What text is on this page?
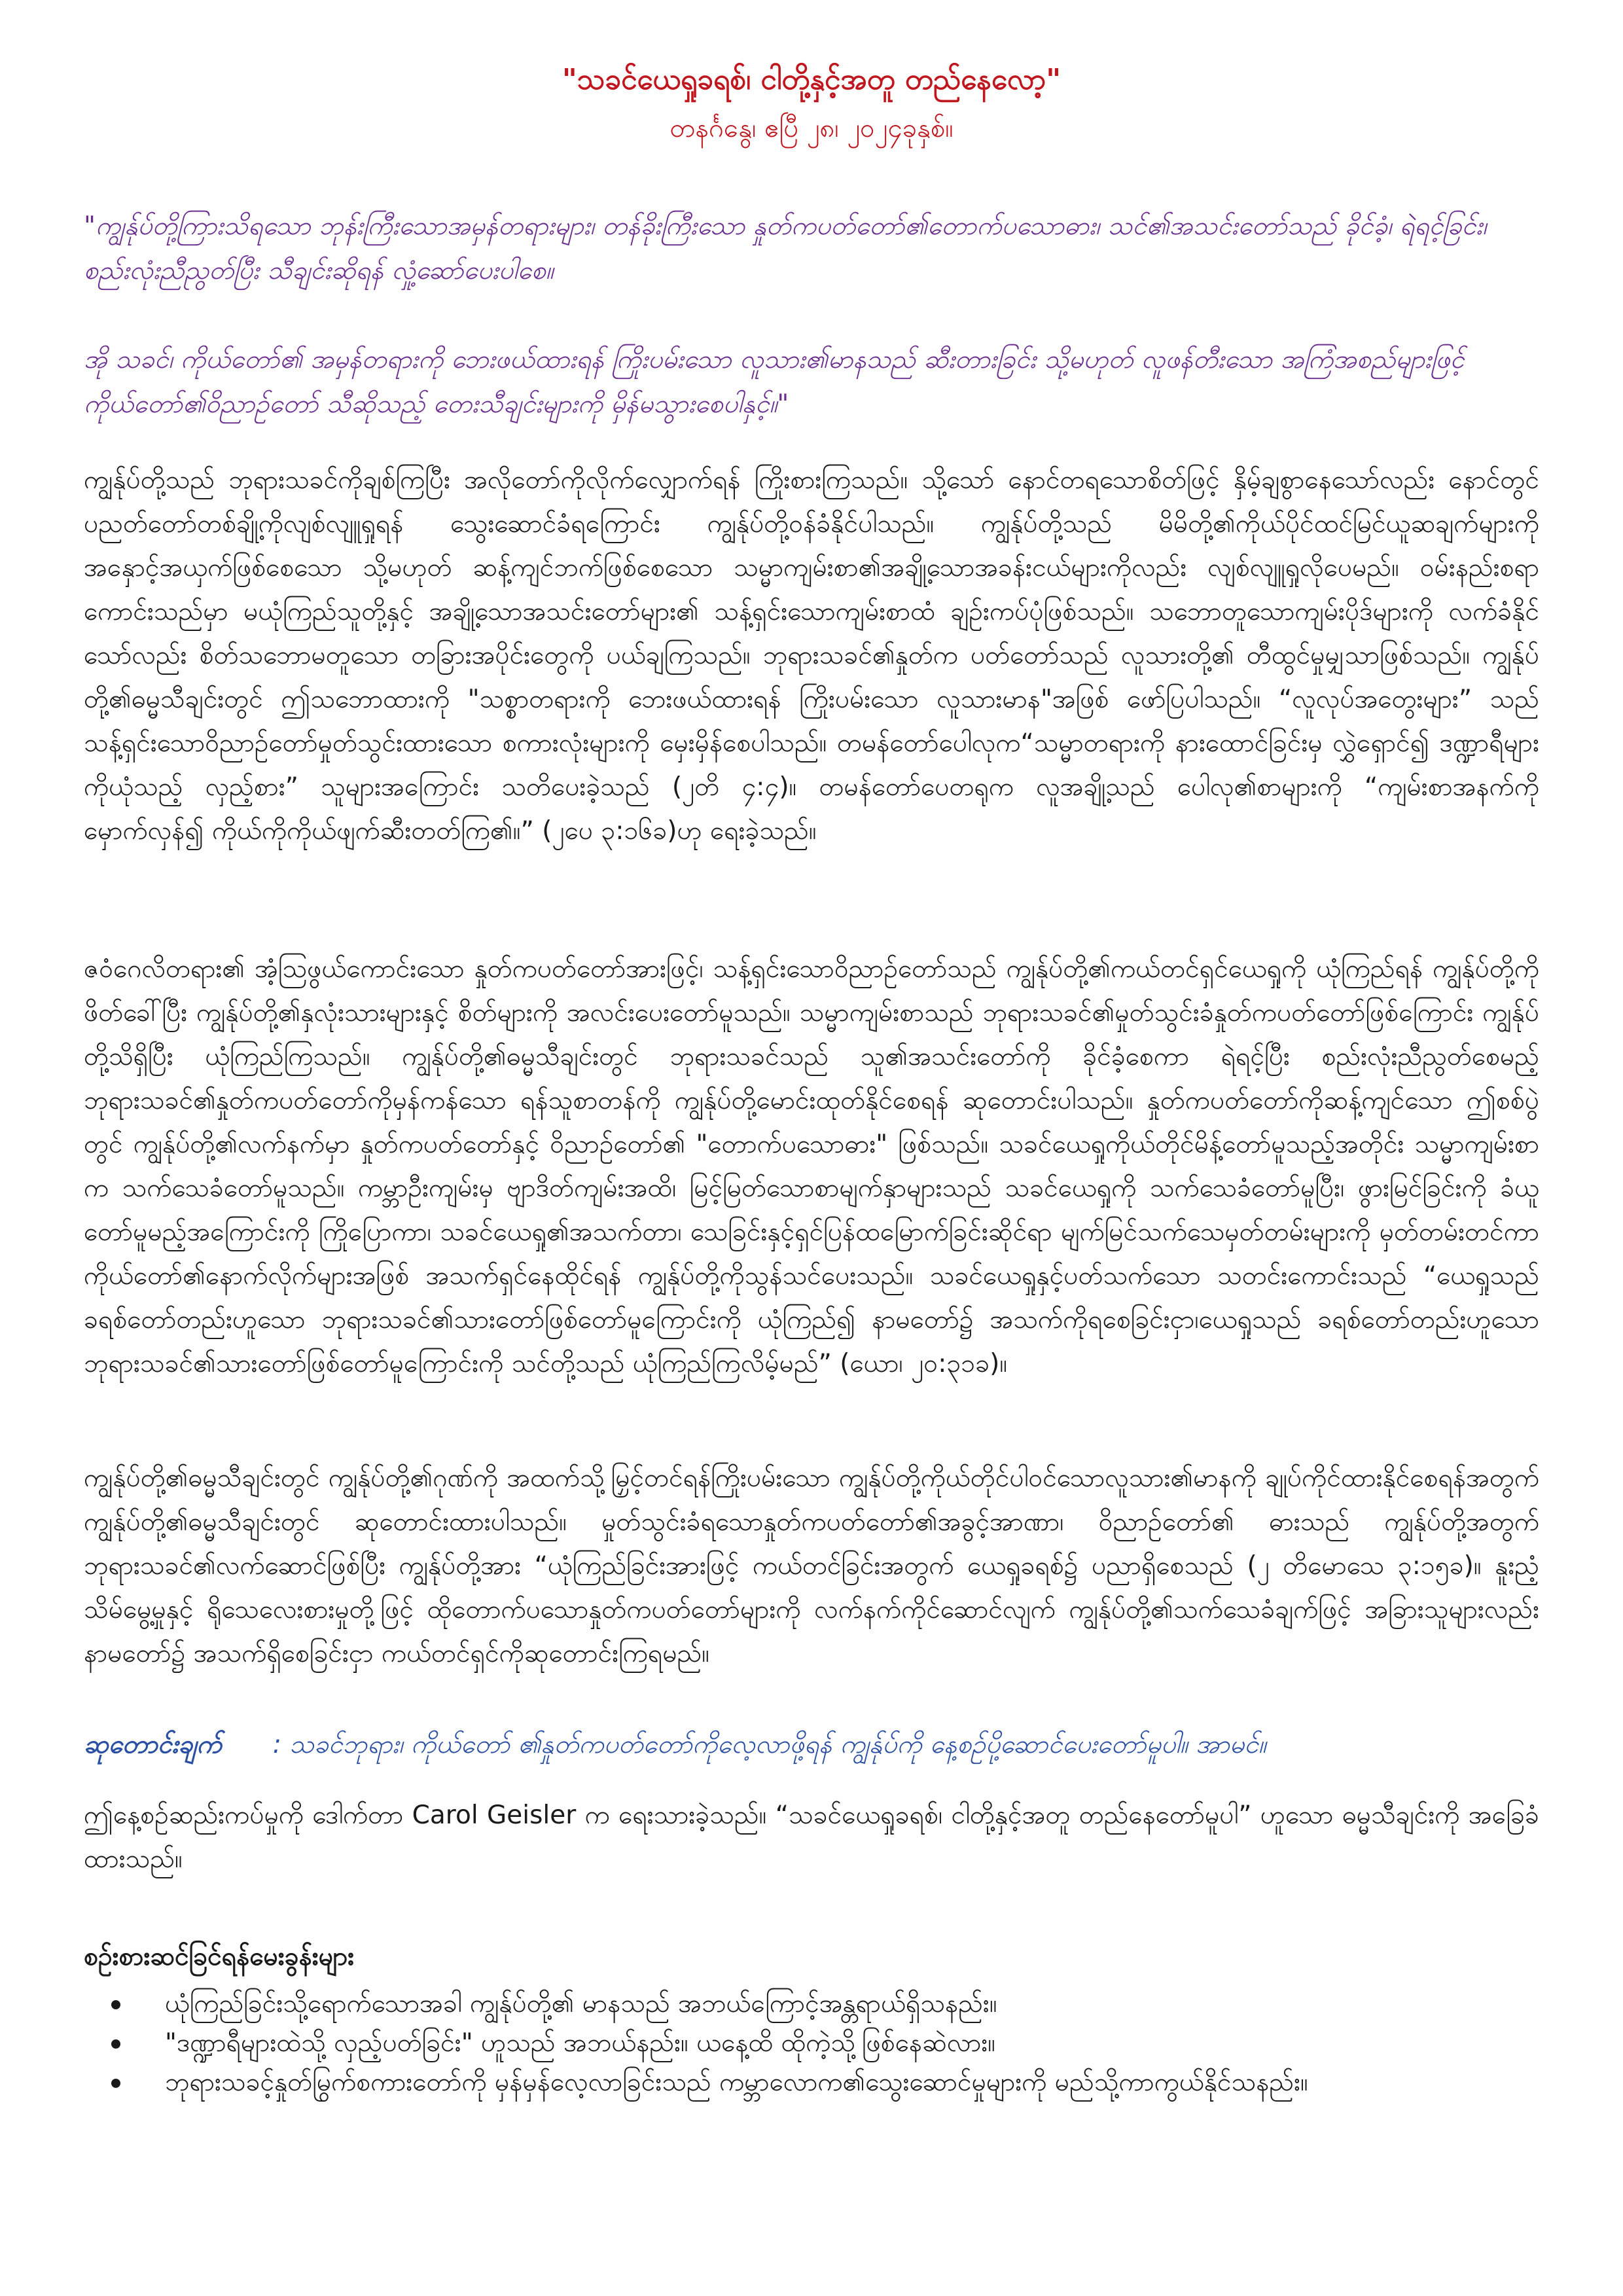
"သခင်ယေရှုခရစ်၊ ငါတို့နှင့်အတူ တည်နေလော့"
တနင်္ဂနွေ၊ ဧပြီ ၂၈၊ ၂၀၂၄ခုနှစ်။

"ကျွန်ုပ်တို့ကြားသိရသော ဘုန်းကြီးသောအမှန်တရားများ၊ တန်ခိုးကြီးသော နှုတ်ကပတ်တော်၏တောက်ပသောဓား၊ သင်၏အသင်းတော်သည် ခိုင်ခံ့၊ ရဲရင့်ခြင်း၊ စည်းလုံးညီညွတ်ပြီး သီချင်းဆိုရန် လှုံ့ဆော်ပေးပါစေ။

အို သခင်၊ ကိုယ်တော်၏ အမှန်တရားကို ဘေးဖယ်ထားရန် ကြိုးပမ်းသော လူသား၏မာနသည် ဆီးတားခြင်း သို့မဟုတ် လူဖန်တီးသော အကြံအစည်များဖြင့် ကိုယ်တော်၏ဝိညာဉ်တော် သီဆိုသည့် တေးသီချင်းများကို မှိန်မသွားစေပါနှင့်။"

ကျွန်ုပ်တို့သည် ဘုရားသခင်ကိုချစ်ကြပြီး အလိုတော်ကိုလိုက်လျှောက်ရန် ကြိုးစားကြသည်။ သို့သော် နောင်တရသောစိတ်ဖြင့် နှိမ့်ချစွာနေသော်လည်း နောင်တွင် ပညတ်တော်တစ်ချို့ကိုလျစ်လျူရှုရန် သွေးဆောင်ခံရကြောင်း ကျွန်ုပ်တို့ဝန်ခံနိုင်ပါသည်။ ကျွန်ုပ်တို့သည် မိမိတို့၏ကိုယ်ပိုင်ထင်မြင်ယူဆချက်များကို အနှောင့်အယှက်ဖြစ်စေသော သို့မဟုတ် ဆန့်ကျင်ဘက်ဖြစ်စေသော သမ္မာကျမ်းစာ၏အချို့သောအခန်းငယ်များကိုလည်း လျစ်လျူရှုလိုပေမည်။ ဝမ်းနည်းစရာကောင်းသည်မှာ မယုံကြည်သူတို့နှင့် အချို့သောအသင်းတော်များ၏ သန့်ရှင်းသောကျမ်းစာထံ ချဉ်းကပ်ပုံဖြစ်သည်။ သဘောတူသောကျမ်းပိုဒ်များကို လက်ခံနိုင်သော်လည်း စိတ်သဘောမတူသော တခြားအပိုင်းတွေကို ပယ်ချကြသည်။ ဘုရားသခင်၏နှုတ်က ပတ်တော်သည် လူသားတို့၏ တီထွင်မှုမျှသာဖြစ်သည်။ ကျွန်ုပ်တို့၏ဓမ္မသီချင်းတွင် ဤသဘောထားကို "သစ္စာတရားကို ဘေးဖယ်ထားရန် ကြိုးပမ်းသော လူသားမာန"အဖြစ် ဖော်ပြပါသည်။ “လူလုပ်အတွေးများ” သည် သန့်ရှင်းသောဝိညာဉ်တော်မှုတ်သွင်းထားသော စကားလုံးများကို မှေးမှိန်စေပါသည်။ တမန်တော်ပေါလုက“သမ္မာတရားကို နားထောင်ခြင်းမှ လွှဲရှောင်၍ ဒဏ္ဍာရီများကိုယုံသည့် လှည့်စား” သူများအကြောင်း သတိပေးခဲ့သည် (၂တိ ၄:၄)။ တမန်တော်ပေတရုက လူအချို့သည် ပေါလု၏စာများကို “ကျမ်းစာအနက်ကို မှောက်လှန်၍ ကိုယ်ကိုကိုယ်ဖျက်ဆီးတတ်ကြ၏။” (၂ပေ ၃:၁၆ခ)ဟု ရေးခဲ့သည်။

ဇဝံဂေလိတရား၏ အံ့ဩဖွယ်ကောင်းသော နှုတ်ကပတ်တော်အားဖြင့်၊ သန့်ရှင်းသောဝိညာဉ်တော်သည် ကျွန်ုပ်တို့၏ကယ်တင်ရှင်ယေရှုကို ယုံကြည်ရန် ကျွန်ုပ်တို့ကိုဖိတ်ခေါ်ပြီး ကျွန်ုပ်တို့၏နှလုံးသားများနှင့် စိတ်များကို အလင်းပေးတော်မူသည်။ သမ္မာကျမ်းစာသည် ဘုရားသခင်၏မှုတ်သွင်းခံနှုတ်ကပတ်တော်ဖြစ်ကြောင်း ကျွန်ုပ်တို့သိရှိပြီး ယုံကြည်ကြသည်။ ကျွန်ုပ်တို့၏ဓမ္မသီချင်းတွင် ဘုရားသခင်သည် သူ၏အသင်းတော်ကို ခိုင်ခံ့စေကာ ရဲရင့်ပြီး စည်းလုံးညီညွတ်စေမည့် ဘုရားသခင်၏နှုတ်ကပတ်တော်ကိုမှန်ကန်သော ရန်သူစာတန်ကို ကျွန်ုပ်တို့မောင်းထုတ်နိုင်စေရန် ဆုတောင်းပါသည်။ နှုတ်ကပတ်တော်ကိုဆန့်ကျင်သော ဤစစ်ပွဲတွင် ကျွန်ုပ်တို့၏လက်နက်မှာ နှုတ်ကပတ်တော်နှင့် ဝိညာဉ်တော်၏ "တောက်ပသောဓား" ဖြစ်သည်။ သခင်ယေရှုကိုယ်တိုင်မိန့်တော်မူသည့်အတိုင်း သမ္မာကျမ်းစာက သက်သေခံတော်မူသည်။ ကမ္ဘာဦးကျမ်းမှ ဗျာဒိတ်ကျမ်းအထိ၊ မြင့်မြတ်သောစာမျက်နှာများသည် သခင်ယေရှုကို သက်သေခံတော်မူပြီး၊ ဖွားမြင်ခြင်းကို ခံယူတော်မူမည့်အကြောင်းကို ကြိုပြောကာ၊ သခင်ယေရှု၏အသက်တာ၊ သေခြင်းနှင့်ရှင်ပြန်ထမြောက်ခြင်းဆိုင်ရာ မျက်မြင်သက်သေမှတ်တမ်းများကို မှတ်တမ်းတင်ကာ ကိုယ်တော်၏နောက်လိုက်များအဖြစ် အသက်ရှင်နေထိုင်ရန် ကျွန်ုပ်တို့ကိုသွန်သင်ပေးသည်။ သခင်ယေရှုနှင့်ပတ်သက်သော သတင်းကောင်းသည် “ယေရှုသည် ခရစ်တော်တည်းဟူသော ဘုရားသခင်၏သားတော်ဖြစ်တော်မူကြောင်းကို ယုံကြည်၍ နာမတော်၌ အသက်ကိုရစေခြင်းငှာ၊ယေရှုသည် ခရစ်တော်တည်းဟူသော ဘုရားသခင်၏သားတော်ဖြစ်တော်မူကြောင်းကို သင်တို့သည် ယုံကြည်ကြလိမ့်မည်” (ယော၊ ၂၀:၃၁ခ)။

ကျွန်ုပ်တို့၏ဓမ္မသီချင်းတွင် ကျွန်ုပ်တို့၏ဂုဏ်ကို အထက်သို့မြှင့်တင်ရန်ကြိုးပမ်းသော ကျွန်ုပ်တို့ကိုယ်တိုင်ပါဝင်သောလူသား၏မာနကို ချုပ်ကိုင်ထားနိုင်စေရန်အတွက် ကျွန်ုပ်တို့၏ဓမ္မသီချင်းတွင် ဆုတောင်းထားပါသည်။ မှုတ်သွင်းခံရသောနှုတ်ကပတ်တော်၏အခွင့်အာဏာ၊ ဝိညာဉ်တော်၏ ဓားသည် ကျွန်ုပ်တို့အတွက် ဘုရားသခင်၏လက်ဆောင်ဖြစ်ပြီး ကျွန်ုပ်တို့အား “ယုံကြည်ခြင်းအားဖြင့် ကယ်တင်ခြင်းအတွက် ယေရှုခရစ်၌ ပညာရှိစေသည် (၂ တိမောသေ ၃:၁၅ခ)။ နူးညံ့သိမ်မွေ့မှုနှင့် ရိုသေလေးစားမှုတို့ဖြင့် ထိုတောက်ပသောနှုတ်ကပတ်တော်များကို လက်နက်ကိုင်ဆောင်လျက် ကျွန်ုပ်တို့၏သက်သေခံချက်ဖြင့် အခြားသူများလည်း နာမတော်၌ အသက်ရှိစေခြင်းငှာ ကယ်တင်ရှင်ကိုဆုတောင်းကြရမည်။

ဆုတောင်းချက် : သခင်ဘုရား၊ ကိုယ်တော် ၏နှုတ်ကပတ်တော်ကိုလေ့လာဖို့ရန် ကျွန်ုပ်ကို နေ့စဉ်ပို့ဆောင်ပေးတော်မူပါ။ အာမင်။

ဤနေ့စဉ်ဆည်းကပ်မှုကို ဒေါက်တာ Carol Geisler က ရေးသားခဲ့သည်။ “သခင်ယေရှုခရစ်၊ ငါတို့နှင့်အတူ တည်နေတော်မူပါ” ဟူသော ဓမ္မသီချင်းကို အခြေခံထားသည်။

စဉ်းစားဆင်ခြင်ရန်မေးခွန်းများ

ယုံကြည်ခြင်းသို့ရောက်သောအခါ ကျွန်ုပ်တို့၏ မာနသည် အဘယ်ကြောင့်အန္တရာယ်ရှိသနည်း။
"ဒဏ္ဍာရီများထဲသို့ လှည့်ပတ်ခြင်း" ဟူသည် အဘယ်နည်း။ ယနေ့ထိ ထိုကဲ့သို့ဖြစ်နေဆဲလား။
ဘုရားသခင့်နှုတ်မြွက်စကားတော်ကို မှန်မှန်လေ့လာခြင်းသည် ကမ္ဘာလောက၏သွေးဆောင်မှုများကို မည်သို့ကာကွယ်နိုင်သနည်း။
